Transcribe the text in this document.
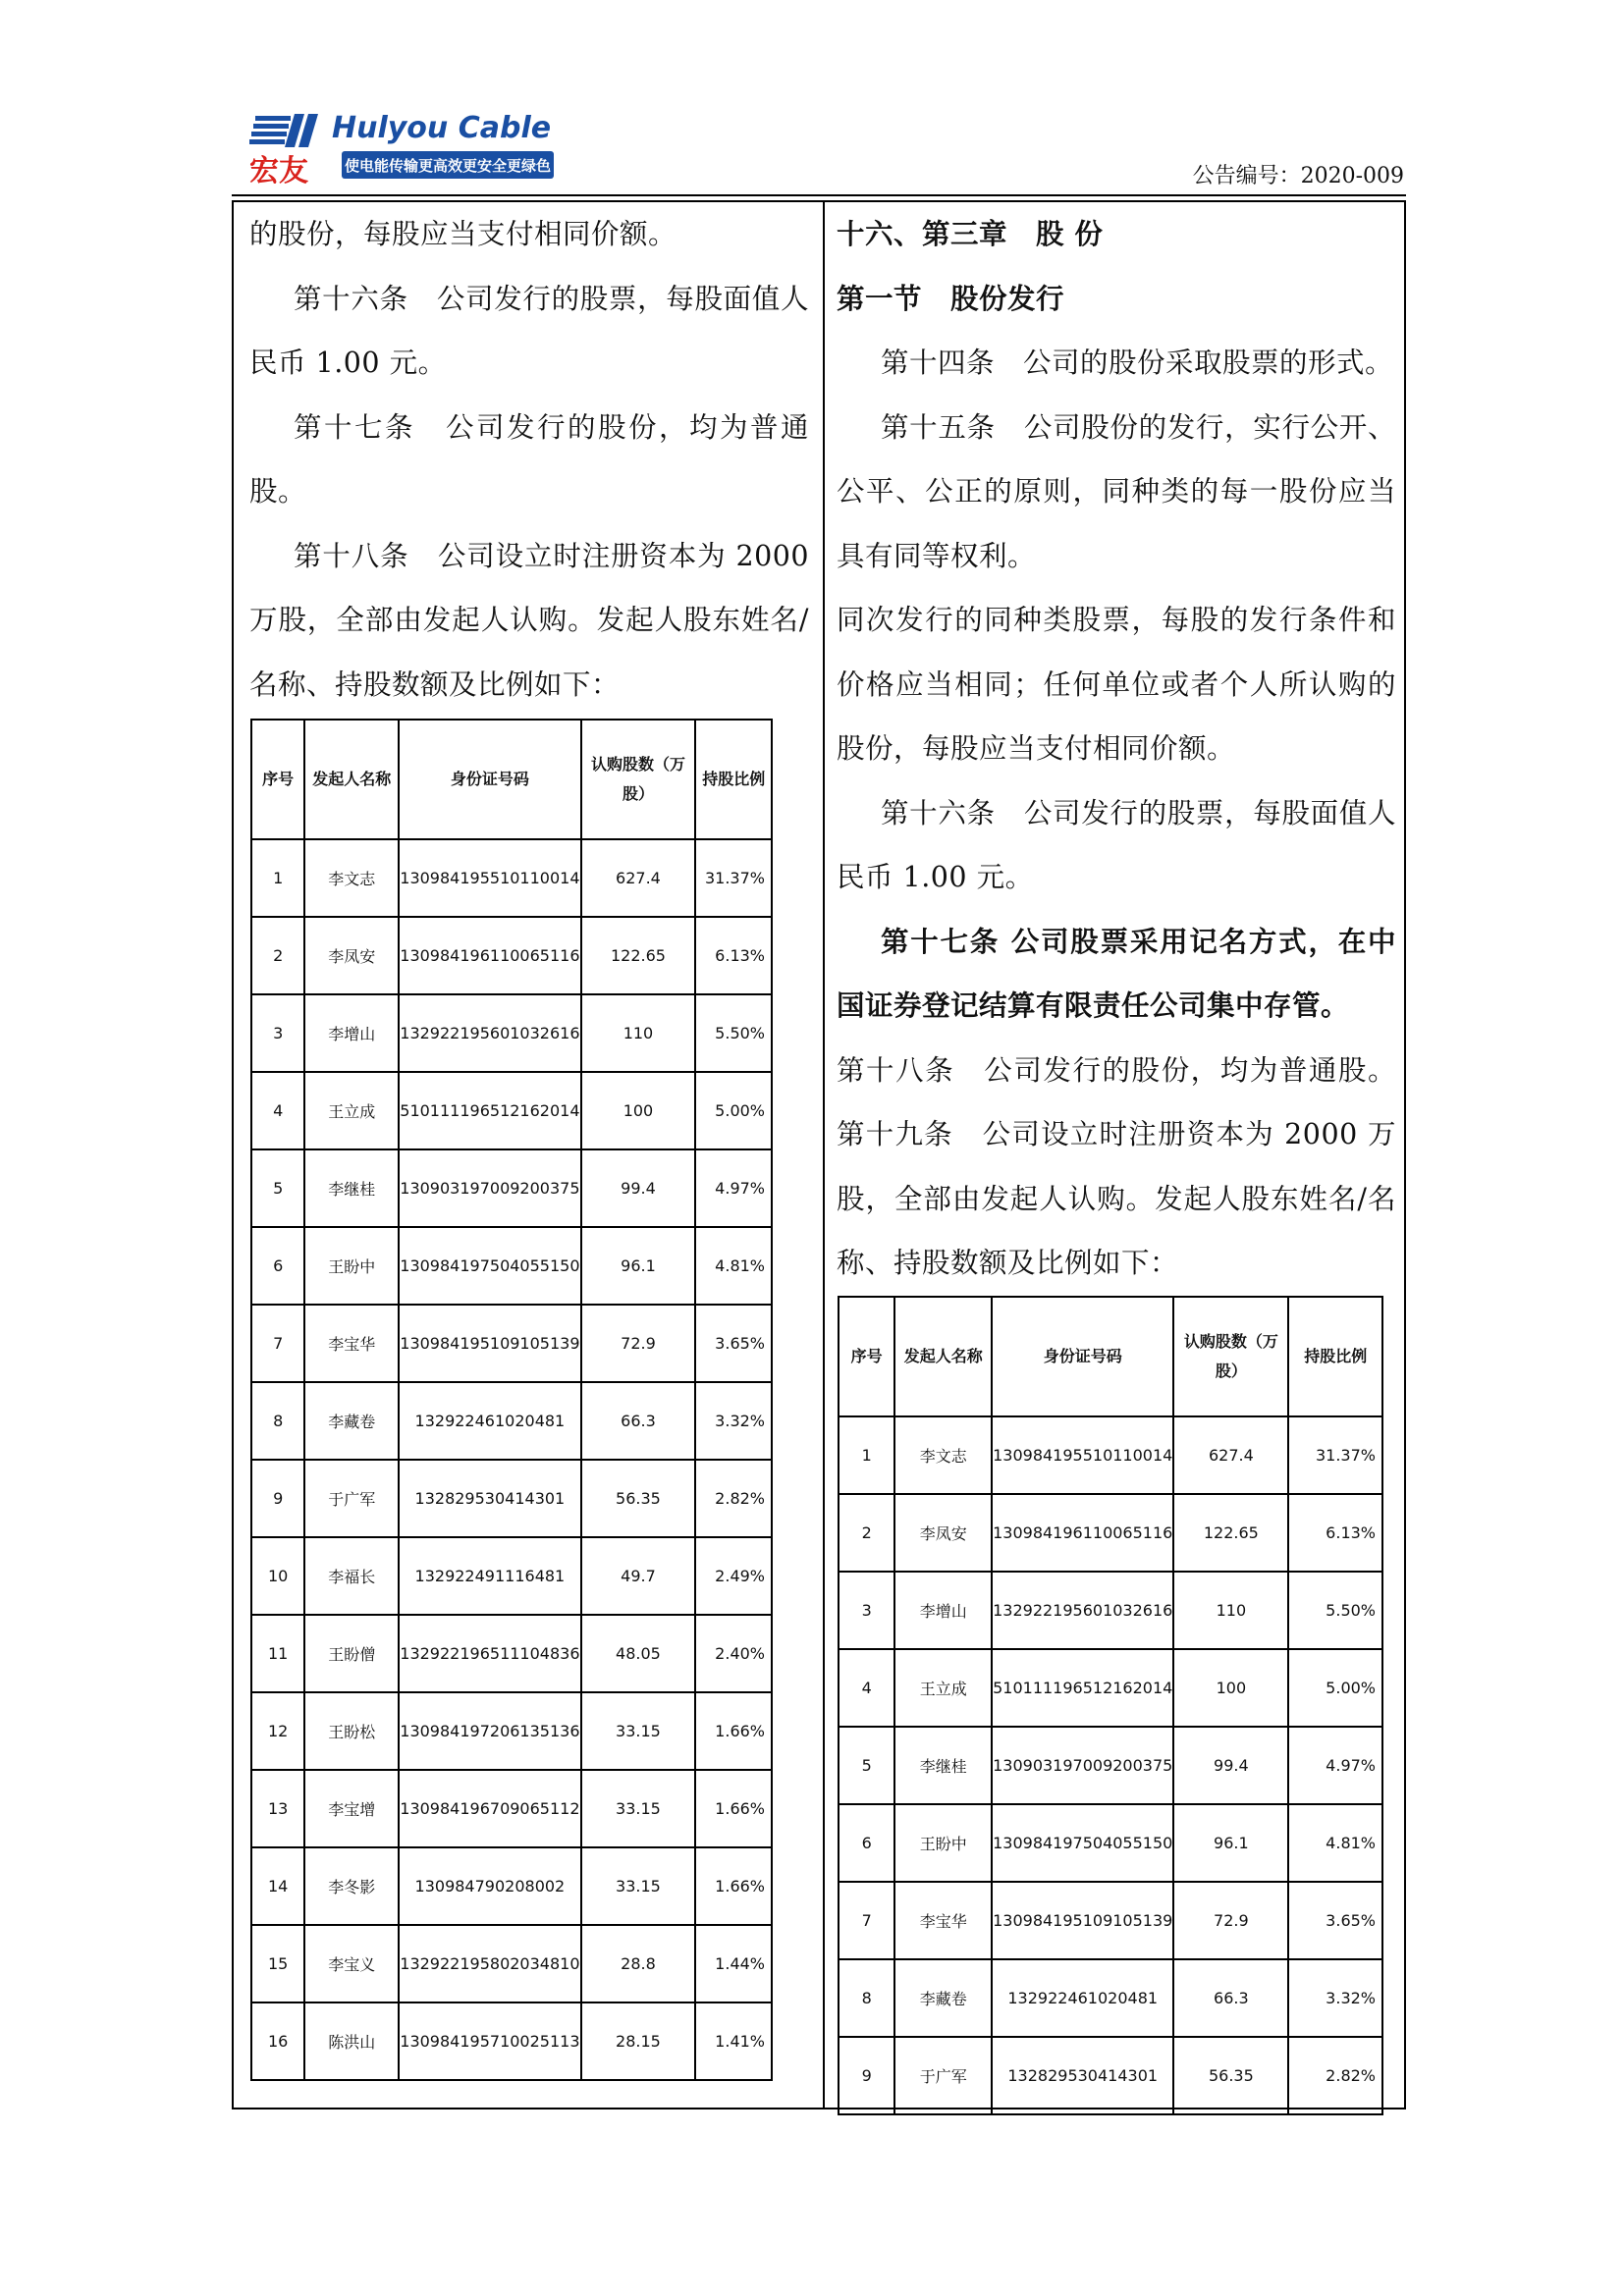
宏友
Hulyou Cable
使电能传输更高效更安全更绿色	公告编号：2020-009

的股份，每股应当支付相同价额。

第十六条　公司发行的股票，每股面值人

民币 1.00 元。

第十七条　公司发行的股份，均为普通

股。

第十八条　公司设立时注册资本为 2000

万股，全部由发起人认购。发起人股东姓名/

名称、持股数额及比例如下：

序号	发起人名称	身份证号码	认购股数（万股）	持股比例
1	李文志	130984195510110014	627.4	31.37%
2	李凤安	130984196110065116	122.65	6.13%
3	李增山	132922195601032616	110	5.50%
4	王立成	510111196512162014	100	5.00%
5	李继桂	130903197009200375	99.4	4.97%
6	王盼中	130984197504055150	96.1	4.81%
7	李宝华	130984195109105139	72.9	3.65%
8	李藏卷	132922461020481	66.3	3.32%
9	于广军	132829530414301	56.35	2.82%
10	李福长	132922491116481	49.7	2.49%
11	王盼僧	132922196511104836	48.05	2.40%
12	王盼松	130984197206135136	33.15	1.66%
13	李宝增	130984196709065112	33.15	1.66%
14	李冬影	130984790208002	33.15	1.66%
15	李宝义	132922195802034810	28.8	1.44%
16	陈洪山	130984195710025113	28.15	1.41%

十六、第三章　股 份

第一节　股份发行

第十四条　公司的股份采取股票的形式。

第十五条　公司股份的发行，实行公开、

公平、公正的原则，同种类的每一股份应当

具有同等权利。

同次发行的同种类股票，每股的发行条件和

价格应当相同；任何单位或者个人所认购的

股份，每股应当支付相同价额。

第十六条　公司发行的股票，每股面值人

民币 1.00 元。

第十七条 公司股票采用记名方式，在中

国证券登记结算有限责任公司集中存管。

第十八条　公司发行的股份，均为普通股。

第十九条　公司设立时注册资本为 2000 万

股，全部由发起人认购。发起人股东姓名/名

称、持股数额及比例如下：

序号	发起人名称	身份证号码	认购股数（万股）	持股比例
1	李文志	130984195510110014	627.4	31.37%
2	李凤安	130984196110065116	122.65	6.13%
3	李增山	132922195601032616	110	5.50%
4	王立成	510111196512162014	100	5.00%
5	李继桂	130903197009200375	99.4	4.97%
6	王盼中	130984197504055150	96.1	4.81%
7	李宝华	130984195109105139	72.9	3.65%
8	李藏卷	132922461020481	66.3	3.32%
9	于广军	132829530414301	56.35	2.82%
